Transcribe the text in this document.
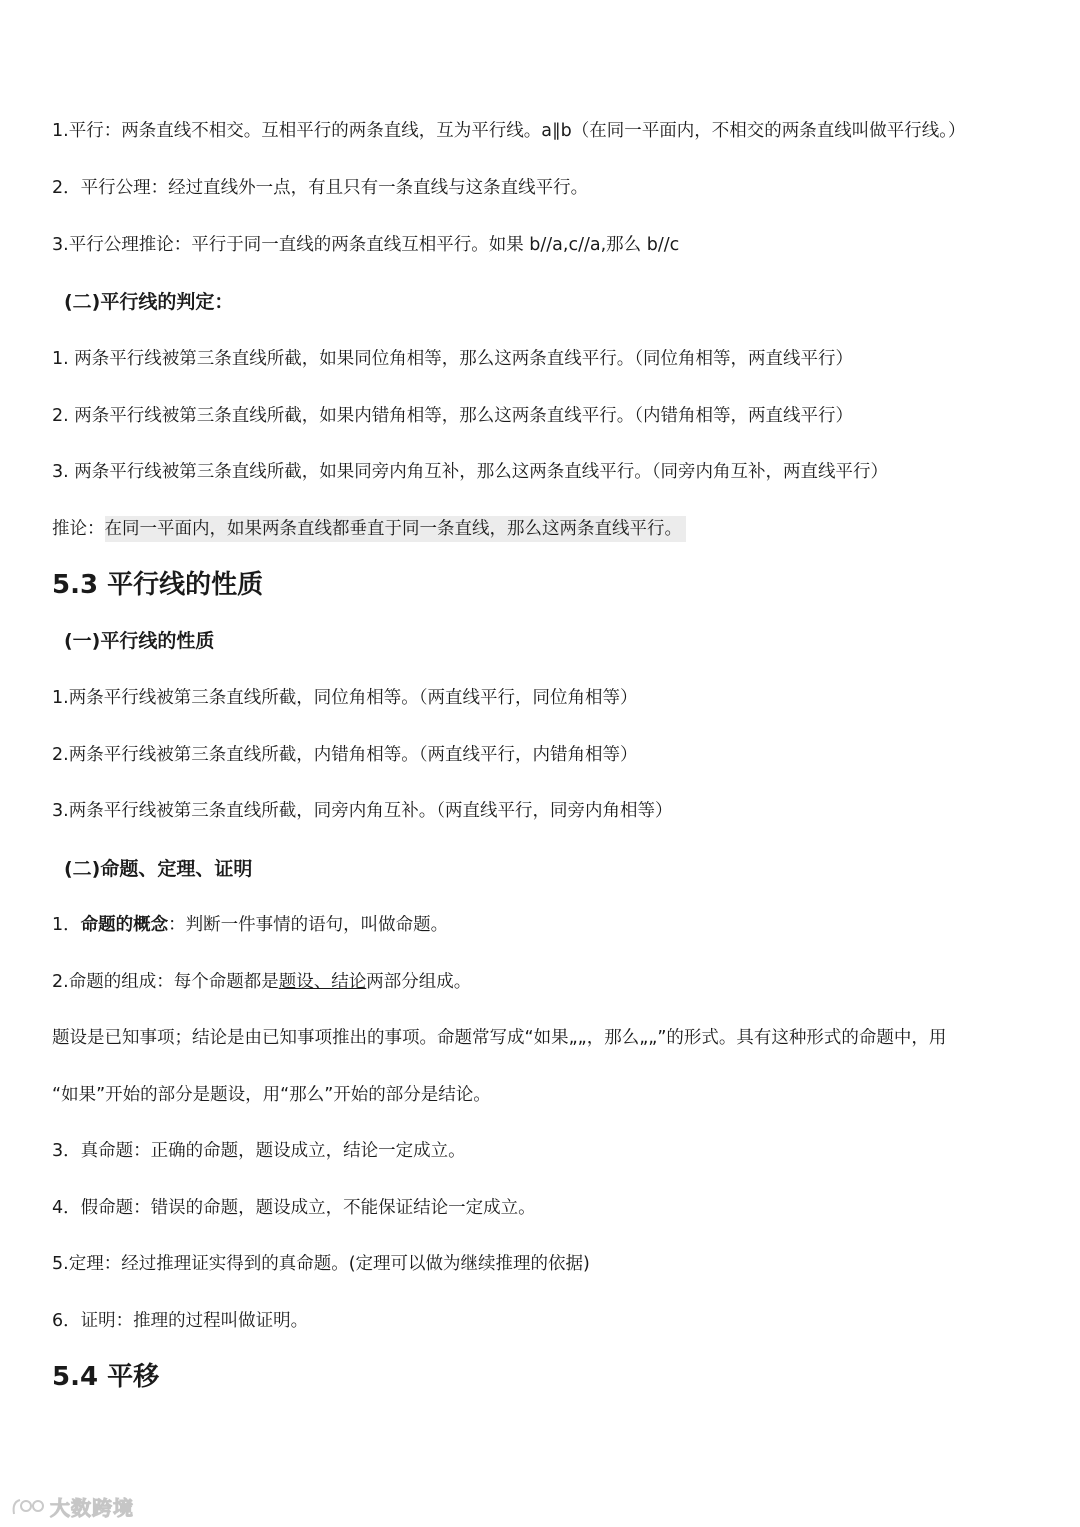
1.平行：两条直线不相交。互相平行的两条直线，互为平行线。a∥b（在同一平面内，不相交的两条直线叫做平行线。）
2．平行公理：经过直线外一点，有且只有一条直线与这条直线平行。
3.平行公理推论：平行于同一直线的两条直线互相平行。如果 b//a,c//a,那么 b//c
(二)平行线的判定：
1. 两条平行线被第三条直线所截，如果同位角相等，那么这两条直线平行。（同位角相等，两直线平行）
2. 两条平行线被第三条直线所截，如果内错角相等，那么这两条直线平行。（内错角相等，两直线平行）
3. 两条平行线被第三条直线所截，如果同旁内角互补，那么这两条直线平行。（同旁内角互补，两直线平行）
推论：在同一平面内，如果两条直线都垂直于同一条直线，那么这两条直线平行。
5.3 平行线的性质
(一)平行线的性质
1.两条平行线被第三条直线所截，同位角相等。（两直线平行，同位角相等）
2.两条平行线被第三条直线所截，内错角相等。（两直线平行，内错角相等）
3.两条平行线被第三条直线所截，同旁内角互补。（两直线平行，同旁内角相等）
(二)命题、定理、证明
1．命题的概念：判断一件事情的语句，叫做命题。
2.命题的组成：每个命题都是题设、结论两部分组成。
题设是已知事项；结论是由已知事项推出的事项。命题常写成“如果„„，那么„„”的形式。具有这种形式的命题中，用
“如果”开始的部分是题设，用“那么”开始的部分是结论。
3．真命题：正确的命题，题设成立，结论一定成立。
4．假命题：错误的命题，题设成立，不能保证结论一定成立。
5.定理：经过推理证实得到的真命题。(定理可以做为继续推理的依据)
6．证明：推理的过程叫做证明。
5.4 平移
大数跨境
